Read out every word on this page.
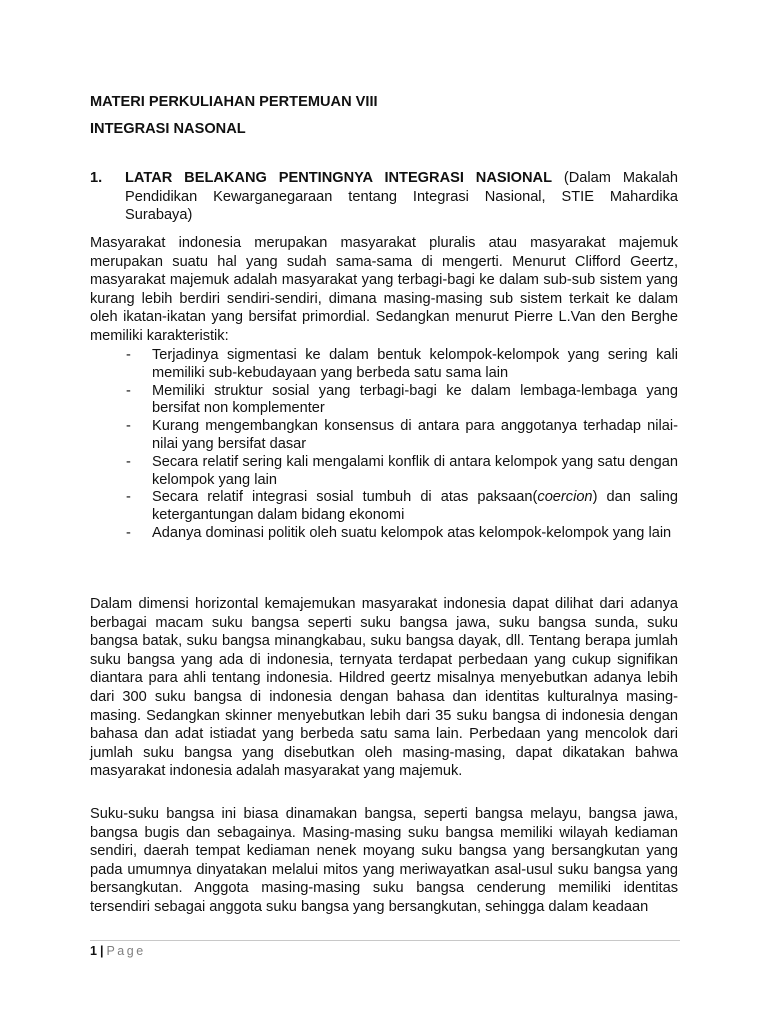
MATERI PERKULIAHAN PERTEMUAN VIII
INTEGRASI NASONAL
1. LATAR BELAKANG PENTINGNYA INTEGRASI NASIONAL (Dalam Makalah Pendidikan Kewarganegaraan tentang Integrasi Nasional, STIE Mahardika Surabaya)

Masyarakat indonesia merupakan masyarakat pluralis atau masyarakat majemuk merupakan suatu hal yang sudah sama-sama di mengerti. Menurut Clifford Geertz, masyarakat majemuk adalah masyarakat yang terbagi-bagi ke dalam sub-sub sistem yang kurang lebih berdiri sendiri-sendiri, dimana masing-masing sub sistem terkait ke dalam oleh ikatan-ikatan yang bersifat primordial. Sedangkan menurut Pierre L.Van den Berghe memiliki karakteristik:

- Terjadinya sigmentasi ke dalam bentuk kelompok-kelompok yang sering kali memiliki sub-kebudayaan yang berbeda satu sama lain
- Memiliki struktur sosial yang terbagi-bagi ke dalam lembaga-lembaga yang bersifat non komplementer
- Kurang mengembangkan konsensus di antara para anggotanya terhadap nilai-nilai yang bersifat dasar
- Secara relatif sering kali mengalami konflik di antara kelompok yang satu dengan kelompok yang lain
- Secara relatif integrasi sosial tumbuh di atas paksaan(coercion) dan saling ketergantungan dalam bidang ekonomi
- Adanya dominasi politik oleh suatu kelompok atas kelompok-kelompok yang lain

Dalam dimensi horizontal kemajemukan masyarakat indonesia dapat dilihat dari adanya berbagai macam suku bangsa seperti suku bangsa jawa, suku bangsa sunda, suku bangsa batak, suku bangsa minangkabau, suku bangsa dayak, dll. Tentang berapa jumlah suku bangsa yang ada di indonesia, ternyata terdapat perbedaan yang cukup signifikan diantara para ahli tentang indonesia. Hildred geertz misalnya menyebutkan adanya lebih dari 300 suku bangsa di indonesia dengan bahasa dan identitas kulturalnya masing-masing. Sedangkan skinner menyebutkan lebih dari 35 suku bangsa di indonesia dengan bahasa dan adat istiadat yang berbeda satu sama lain. Perbedaan yang mencolok dari jumlah suku bangsa yang disebutkan oleh masing-masing, dapat dikatakan bahwa masyarakat indonesia adalah masyarakat yang majemuk.

Suku-suku bangsa ini biasa dinamakan bangsa, seperti bangsa melayu, bangsa jawa, bangsa bugis dan sebagainya. Masing-masing suku bangsa memiliki wilayah kediaman sendiri, daerah tempat kediaman nenek moyang suku bangsa yang bersangkutan yang pada umumnya dinyatakan melalui mitos yang meriwayatkan asal-usul suku bangsa yang bersangkutan. Anggota masing-masing suku bangsa cenderung memiliki identitas tersendiri sebagai anggota suku bangsa yang bersangkutan, sehingga dalam keadaan

1 | Page
